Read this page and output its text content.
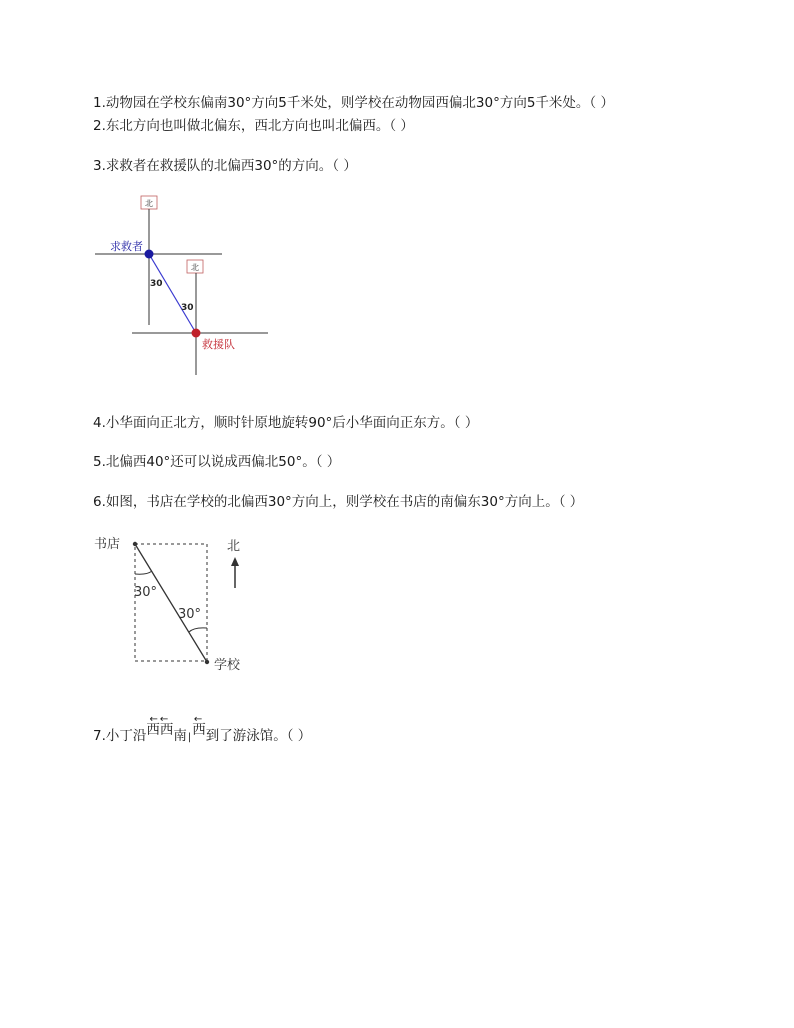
1.动物园在学校东偏南30°方向5千米处，则学校在动物园西偏北30°方向5千米处。（ ）
2.东北方向也叫做北偏东，西北方向也叫北偏西。（ ）
3.求救者在救援队的北偏西30°的方向。（ ）
北
北
求救者
救援队
30
30
4.小华面向正北方，顺时针原地旋转90°后小华面向正东方。（ ）
5.北偏西40°还可以说成西偏北50°。（ ）
6.如图，书店在学校的北偏西30°方向上，则学校在书店的南偏东30°方向上。（ ）
书店
学校
北
30°
30°
7.小丁沿
←←
西西南|
←
西到了游泳馆。（ ）
